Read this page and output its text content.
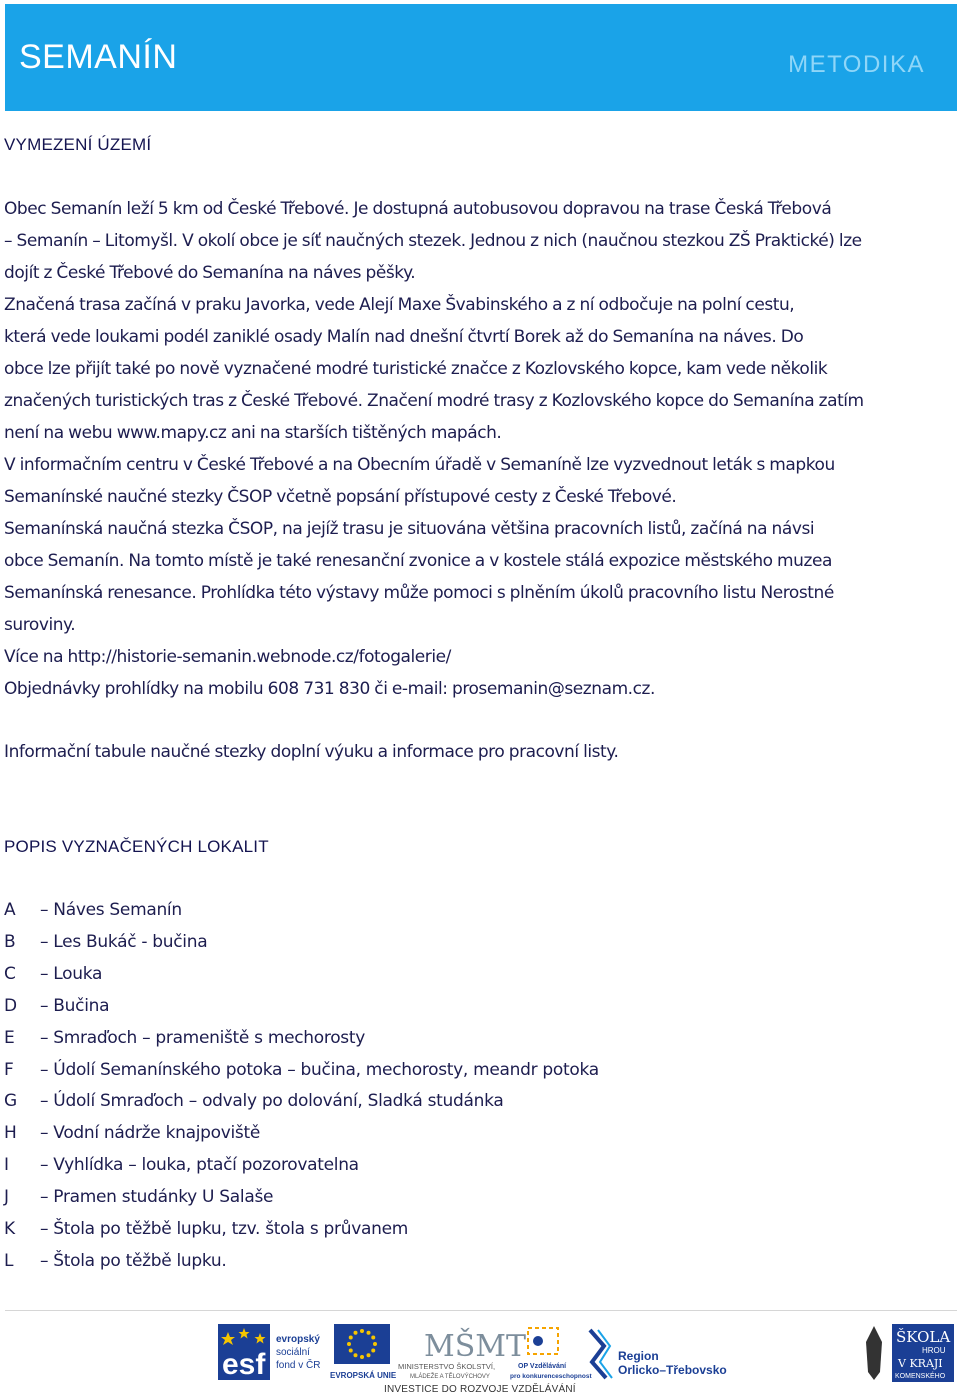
SEMANÍN	METODIKA
VYMEZENÍ ÚZEMÍ
Obec Semanín leží 5 km od České Třebové. Je dostupná autobusovou dopravou na trase Česká Třebová
– Semanín – Litomyšl. V okolí obce je síť naučných stezek. Jednou z nich (naučnou stezkou ZŠ Praktické) lze
dojít z České Třebové do Semanína na náves pěšky.
Značená trasa začíná v praku Javorka, vede Alejí Maxe Švabinského a z ní odbočuje na polní cestu,
která vede loukami podél zaniklé osady Malín nad dnešní čtvrtí Borek až do Semanína na náves. Do
obce lze přijít také po nově vyznačené modré turistické značce z Kozlovského kopce, kam vede několik
značených turistických tras z České Třebové. Značení modré trasy z Kozlovského kopce do Semanína zatím
není na webu www.mapy.cz ani na starších tištěných mapách.
V informačním centru v České Třebové a na Obecním úřadě v Semaníně lze vyzvednout leták s mapkou
Semanínské naučné stezky ČSOP včetně popsání přístupové cesty z České Třebové.
Semanínská naučná stezka ČSOP, na jejíž trasu je situována většina pracovních listů, začíná na návsi
obce Semanín. Na tomto místě je také renesanční zvonice a v kostele stálá expozice městského muzea
Semanínská renesance. Prohlídka této výstavy může pomoci s plněním úkolů pracovního listu Nerostné
suroviny.
Více na http://historie-semanin.webnode.cz/fotogalerie/
Objednávky prohlídky na mobilu 608 731 830 či e-mail: prosemanin@seznam.cz.
Informační tabule naučné stezky doplní výuku a informace pro pracovní listy.
POPIS VYZNAČENÝCH LOKALIT
A – Náves Semanín
B – Les Bukáč - bučina
C – Louka
D – Bučina
E – Smraďoch – prameniště s mechorosty
F – Údolí Semanínského potoka – bučina, mechorosty, meandr potoka
G – Údolí Smraďoch – odvaly po dolování, Sladká studánka
H – Vodní nádrže knajpoviště
I – Vyhlídka – louka, ptačí pozorovatelna
J – Pramen studánky U Salaše
K – Štola po těžbě lupku, tzv. štola s průvanem
L – Štola po těžbě lupku.
esf
evropský
sociální
fond v ČR
EVROPSKÁ UNIE
MŠMT
MINISTERSTVO ŠKOLSTVÍ,
MLÁDEŽE A TĚLOVÝCHOVY
OP Vzdělávání
pro konkurenceschopnost
Region
Orlicko–Třebovsko
ŠKOLA
HROU
V KRAJI
KOMENSKÉHO
INVESTICE DO ROZVOJE VZDĚLÁVÁNÍ
